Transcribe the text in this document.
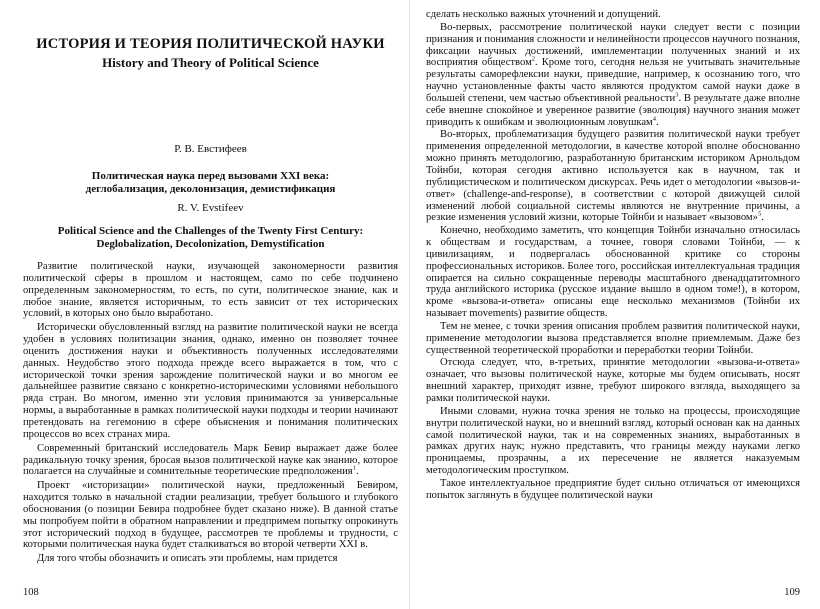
ИСТОРИЯ И ТЕОРИЯ ПОЛИТИЧЕСКОЙ НАУКИ
History and Theory of Political Science

Р. В. Евстифеев

Политическая наука перед вызовами XXI века:
деглобализация, деколонизация, демистификация

R. V. Evstifeev

Political Science and the Challenges of the Twenty First Century:
Deglobalization, Decolonization, Demystification

Развитие политической науки, изучающей закономерности развития политической сферы в прошлом и настоящем, само по себе подчинено определенным закономерностям, то есть, по сути, политическое знание, как и любое знание, является историчным, то есть зависит от тех исторических условий, в которых оно было выработано.

Исторически обусловленный взгляд на развитие политической науки не всегда удобен в условиях политизации знания, однако, именно он позволяет точнее оценить достижения науки и объективность полученных исследователями данных. Неудобство этого подхода прежде всего выражается в том, что с исторической точки зрения зарождение политической науки и во многом ее дальнейшее развитие связано с конкретно-историческими условиями небольшого ряда стран. Во многом, именно эти условия принимаются за универсальные нормы, а выработанные в рамках политической науки подходы и теории начинают претендовать на гегемонию в сфере объяснения и понимания политических процессов во всех странах мира.

Современный британский исследователь Марк Бевир выражает даже более радикальную точку зрения, бросая вызов политической науке как знанию, которое полагается на случайные и сомнительные теоретические предположения$^1$.

Проект «историзации» политической науки, предложенный Бевиром, находится только в начальной стадии реализации, требует большого и глубокого обоснования (о позиции Бевира подробнее будет сказано ниже). В данной статье мы попробуем пойти в обратном направлении и предпримем попытку опрокинуть этот исторический подход в будущее, рассмотрев те проблемы и трудности, с которыми политическая наука будет сталкиваться во второй четверти XXI в.

Для того чтобы обозначить и описать эти проблемы, нам придется

108

сделать несколько важных уточнений и допущений.

Во-первых, рассмотрение политической науки следует вести с позиции признания и понимания сложности и нелинейности процессов научного познания, фиксации научных достижений, имплементации полученных знаний и их восприятия обществом$^2$. Кроме того, сегодня нельзя не учитывать значительные результаты саморефлексии науки, приведшие, например, к осознанию того, что научно установленные факты часто являются продуктом самой науки даже в большей степени, чем частью объективной реальности$^3$. В результате даже вполне себе внешне спокойное и уверенное развитие (эволюция) научного знания может приводить к ошибкам и эволюционным ловушкам$^4$.

Во-вторых, проблематизация будущего развития политической науки требует применения определенной методологии, в качестве которой вполне обоснованно можно принять методологию, разработанную британским историком Арнольдом Тойнби, которая сегодня активно используется как в научном, так и публицистическом и политическом дискурсах. Речь идет о методологии «вызов-и-ответ» (challenge-and-response), в соответствии с которой движущей силой изменений любой социальной системы являются не внутренние причины, а резкие изменения условий жизни, которые Тойнби и называет «вызовом»$^5$.

Конечно, необходимо заметить, что концепция Тойнби изначально относилась к обществам и государствам, а точнее, говоря словами Тойнби, — к цивилизациям, и подвергалась обоснованной критике со стороны профессиональных историков. Более того, российская интеллектуальная традиция опирается на сильно сокращенные переводы масштабного двенадцатитомного труда английского историка (русское издание вышло в одном томе!), в котором, кроме «вызова-и-ответа» описаны еще несколько механизмов (Тойнби их называет movements) развитие обществ.

Тем не менее, с точки зрения описания проблем развития политической науки, применение методологии вызова представляется вполне приемлемым. Даже без существенной теоретической проработки и переработки теории Тойнби.

Отсюда следует, что, в-третьих, принятие методологии «вызова-и-ответа» означает, что вызовы политической науке, которые мы будем описывать, носят внешний характер, приходят извне, требуют широкого взгляда, выходящего за рамки политической науки.

Иными словами, нужна точка зрения не только на процессы, происходящие внутри политической науки, но и внешний взгляд, который основан как на данных самой политической науки, так и на современных знаниях, выработанных в рамках других наук; нужно представить, что границы между науками легко проницаемы, прозрачны, а их пересечение не является наказуемым методологическим проступком.

Такое интеллектуальное предприятие будет сильно отличаться от имеющихся попыток заглянуть в будущее политической науки

109
